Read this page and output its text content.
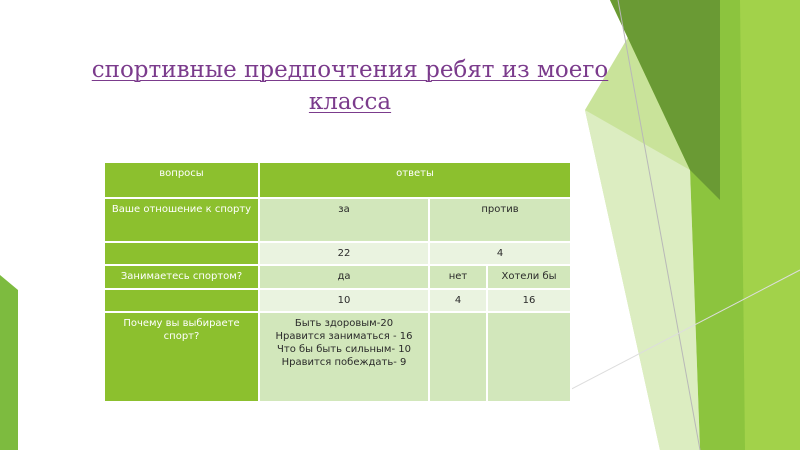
спортивные предпочтения ребят из моего класса
вопросы	ответы		
Ваше отношение к спорту	за	против	
	22	4	
Занимаетесь спортом?	да	нет	Хотели бы
	10	4	16
Почему вы выбираете спорт?	Быть здоровым-20
Нравится заниматься - 16
Что бы быть сильным- 10
Нравится побеждать- 9		
